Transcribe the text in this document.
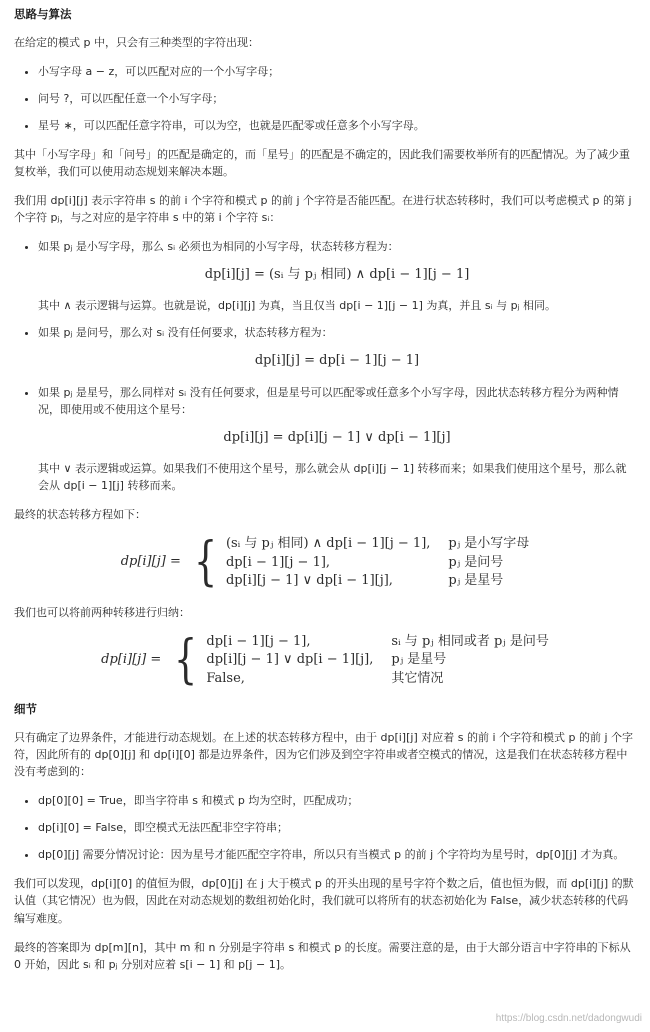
思路与算法

在给定的模式 p 中，只会有三种类型的字符出现：

• 小写字母 a − z，可以匹配对应的一个小写字母；
• 问号 ?，可以匹配任意一个小写字母；
• 星号 ∗，可以匹配任意字符串，可以为空，也就是匹配零或任意多个小写字母。

其中「小写字母」和「问号」的匹配是确定的，而「星号」的匹配是不确定的，因此我们需要枚举所有的匹配情况。为了减少重复枚举，我们可以使用动态规划来解决本题。

我们用 dp[i][j] 表示字符串 s 的前 i 个字符和模式 p 的前 j 个字符是否能匹配。在进行状态转移时，我们可以考虑模式 p 的第 j 个字符 pⱼ，与之对应的是字符串 s 中的第 i 个字符 sᵢ：

• 如果 pⱼ 是小写字母，那么 sᵢ 必须也为相同的小写字母，状态转移方程为：
dp[i][j] = (sᵢ 与 pⱼ 相同) ∧ dp[i − 1][j − 1]
其中 ∧ 表示逻辑与运算。也就是说，dp[i][j] 为真，当且仅当 dp[i − 1][j − 1] 为真，并且 sᵢ 与 pⱼ 相同。
• 如果 pⱼ 是问号，那么对 sᵢ 没有任何要求，状态转移方程为：
dp[i][j] = dp[i − 1][j − 1]
• 如果 pⱼ 是星号，那么同样对 sᵢ 没有任何要求，但是星号可以匹配零或任意多个小写字母，因此状态转移方程分为两种情况，即使用或不使用这个星号：
dp[i][j] = dp[i][j − 1] ∨ dp[i − 1][j]
其中 ∨ 表示逻辑或运算。如果我们不使用这个星号，那么就会从 dp[i][j − 1] 转移而来；如果我们使用这个星号，那么就会从 dp[i − 1][j] 转移而来。

最终的状态转移方程如下：

dp[i][j] = { (sᵢ 与 pⱼ 相同) ∧ dp[i − 1][j − 1], pⱼ 是小写字母
dp[i − 1][j − 1],	pⱼ 是问号
dp[i][j − 1] ∨ dp[i − 1][j],	pⱼ 是星号

我们也可以将前两种转移进行归纳：

dp[i][j] = { dp[i − 1][j − 1],	sᵢ 与 pⱼ 相同或者 pⱼ 是问号
dp[i][j − 1] ∨ dp[i − 1][j], pⱼ 是星号
False,	其它情况
细节

只有确定了边界条件，才能进行动态规划。在上述的状态转移方程中，由于 dp[i][j] 对应着 s 的前 i 个字符和模式 p 的前 j 个字符，因此所有的 dp[0][j] 和 dp[i][0] 都是边界条件，因为它们涉及到空字符串或者空模式的情况，这是我们在状态转移方程中没有考虑到的：

• dp[0][0] = True，即当字符串 s 和模式 p 均为空时，匹配成功；
• dp[i][0] = False，即空模式无法匹配非空字符串；
• dp[0][j] 需要分情况讨论：因为星号才能匹配空字符串，所以只有当模式 p 的前 j 个字符均为星号时，dp[0][j] 才为真。

我们可以发现，dp[i][0] 的值恒为假，dp[0][j] 在 j 大于模式 p 的开头出现的星号字符个数之后，值也恒为假，而 dp[i][j] 的默认值（其它情况）也为假，因此在对动态规划的数组初始化时，我们就可以将所有的状态初始化为 False，减少状态转移的代码编写难度。

最终的答案即为 dp[m][n]，其中 m 和 n 分别是字符串 s 和模式 p 的长度。需要注意的是，由于大部分语言中字符串的下标从 0 开始，因此 sᵢ 和 pⱼ 分别对应着 s[i − 1] 和 p[j − 1]。

https://blog.csdn.net/dadongwudi
